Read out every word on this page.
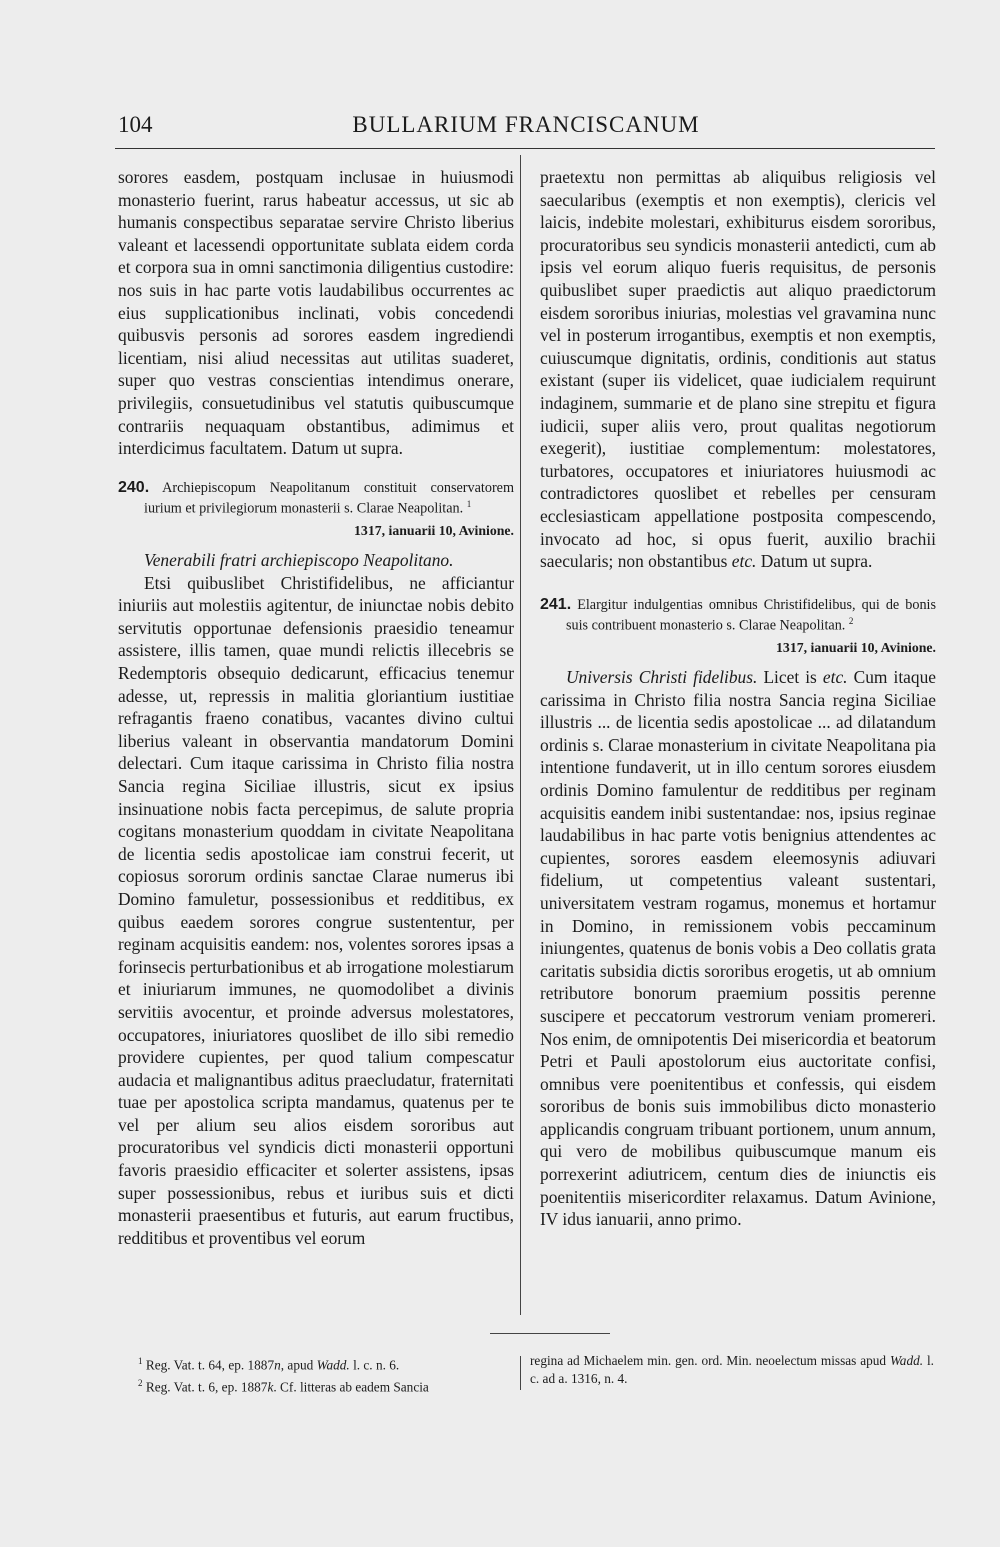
104	BULLARIUM FRANCISCANUM

sorores easdem, postquam inclusae in huiusmodi monasterio fuerint, rarus habeatur accessus, ut sic ab humanis conspectibus separatae servire Christo liberius valeant et lacessendi opportunitate sublata eidem corda et corpora sua in omni sanctimonia diligentius custodire: nos suis in hac parte votis laudabilibus occurrentes ac eius supplicationibus inclinati, vobis concedendi quibusvis personis ad sorores easdem ingrediendi licentiam, nisi aliud necessitas aut utilitas suaderet, super quo vestras conscientias intendimus onerare, privilegiis, consuetudinibus vel statutis quibuscumque contrariis nequaquam obstantibus, adimimus et interdicimus facultatem. Datum ut supra.

240. Archiepiscopum Neapolitanum constituit conservatorem iurium et privilegiorum monasterii s. Clarae Neapolitan. $^1$
1317, ianuarii 10, Avinione.

Venerabili fratri archiepiscopo Neapolitano.

Etsi quibuslibet Christifidelibus, ne afficiantur iniuriis aut molestiis agitentur, de iniunctae nobis debito servitutis opportunae defensionis praesidio teneamur assistere, illis tamen, quae mundi relictis illecebris se Redemptoris obsequio dedicarunt, efficacius tenemur adesse, ut, repressis in malitia gloriantium iustitiae refragantis fraeno conatibus, vacantes divino cultui liberius valeant in observantia mandatorum Domini delectari. Cum itaque carissima in Christo filia nostra Sancia regina Siciliae illustris, sicut ex ipsius insinuatione nobis facta percepimus, de salute propria cogitans monasterium quoddam in civitate Neapolitana de licentia sedis apostolicae iam construi fecerit, ut copiosus sororum ordinis sanctae Clarae numerus ibi Domino famuletur, possessionibus et redditibus, ex quibus eaedem sorores congrue sustententur, per reginam acquisitis eandem: nos, volentes sorores ipsas a forinsecis perturbationibus et ab irrogatione molestiarum et iniuriarum immunes, ne quomodolibet a divinis servitiis avocentur, et proinde adversus molestatores, occupatores, iniuriatores quoslibet de illo sibi remedio providere cupientes, per quod talium compescatur audacia et malignantibus aditus praecludatur, fraternitati tuae per apostolica scripta mandamus, quatenus per te vel per alium seu alios eisdem sororibus aut procuratoribus vel syndicis dicti monasterii opportuni favoris praesidio efficaciter et solerter assistens, ipsas super possessionibus, rebus et iuribus suis et dicti monasterii praesentibus et futuris, aut earum fructibus, redditibus et proventibus vel eorum

praetextu non permittas ab aliquibus religiosis vel saecularibus (exemptis et non exemptis), clericis vel laicis, indebite molestari, exhibiturus eisdem sororibus, procuratoribus seu syndicis monasterii antedicti, cum ab ipsis vel eorum aliquo fueris requisitus, de personis quibuslibet super praedictis aut aliquo praedictorum eisdem sororibus iniurias, molestias vel gravamina nunc vel in posterum irrogantibus, exemptis et non exemptis, cuiuscumque dignitatis, ordinis, conditionis aut status existant (super iis videlicet, quae iudicialem requirunt indaginem, summarie et de plano sine strepitu et figura iudicii, super aliis vero, prout qualitas negotiorum exegerit), iustitiae complementum: molestatores, turbatores, occupatores et iniuriatores huiusmodi ac contradictores quoslibet et rebelles per censuram ecclesiasticam appellatione postposita compescendo, invocato ad hoc, si opus fuerit, auxilio brachii saecularis; non obstantibus etc. Datum ut supra.

241. Elargitur indulgentias omnibus Christifidelibus, qui de bonis suis contribuent monasterio s. Clarae Neapolitan. $^2$
1317, ianuarii 10, Avinione.

Universis Christi fidelibus. Licet is etc. Cum itaque carissima in Christo filia nostra Sancia regina Siciliae illustris ... de licentia sedis apostolicae ... ad dilatandum ordinis s. Clarae monasterium in civitate Neapolitana pia intentione fundaverit, ut in illo centum sorores eiusdem ordinis Domino famulentur de redditibus per reginam acquisitis eandem inibi sustentandae: nos, ipsius reginae laudabilibus in hac parte votis benignius attendentes ac cupientes, sorores easdem eleemosynis adiuvari fidelium, ut competentius valeant sustentari, universitatem vestram rogamus, monemus et hortamur in Domino, in remissionem vobis peccaminum iniungentes, quatenus de bonis vobis a Deo collatis grata caritatis subsidia dictis sororibus erogetis, ut ab omnium retributore bonorum praemium possitis perenne suscipere et peccatorum vestrorum veniam promereri. Nos enim, de omnipotentis Dei misericordia et beatorum Petri et Pauli apostolorum eius auctoritate confisi, omnibus vere poenitentibus et confessis, qui eisdem sororibus de bonis suis immobilibus dicto monasterio applicandis congruam tribuant portionem, unum annum, qui vero de mobilibus quibuscumque manum eis porrexerint adiutricem, centum dies de iniunctis eis poenitentiis misericorditer relaxamus. Datum Avinione, IV idus ianuarii, anno primo.

$^1$ Reg. Vat. t. 64, ep. 1887n, apud Wadd. l. c. n. 6.

$^2$ Reg. Vat. t. 6, ep. 1887k. Cf. litteras ab eadem Sancia

regina ad Michaelem min. gen. ord. Min. neoelectum missas apud Wadd. l. c. ad a. 1316, n. 4.
